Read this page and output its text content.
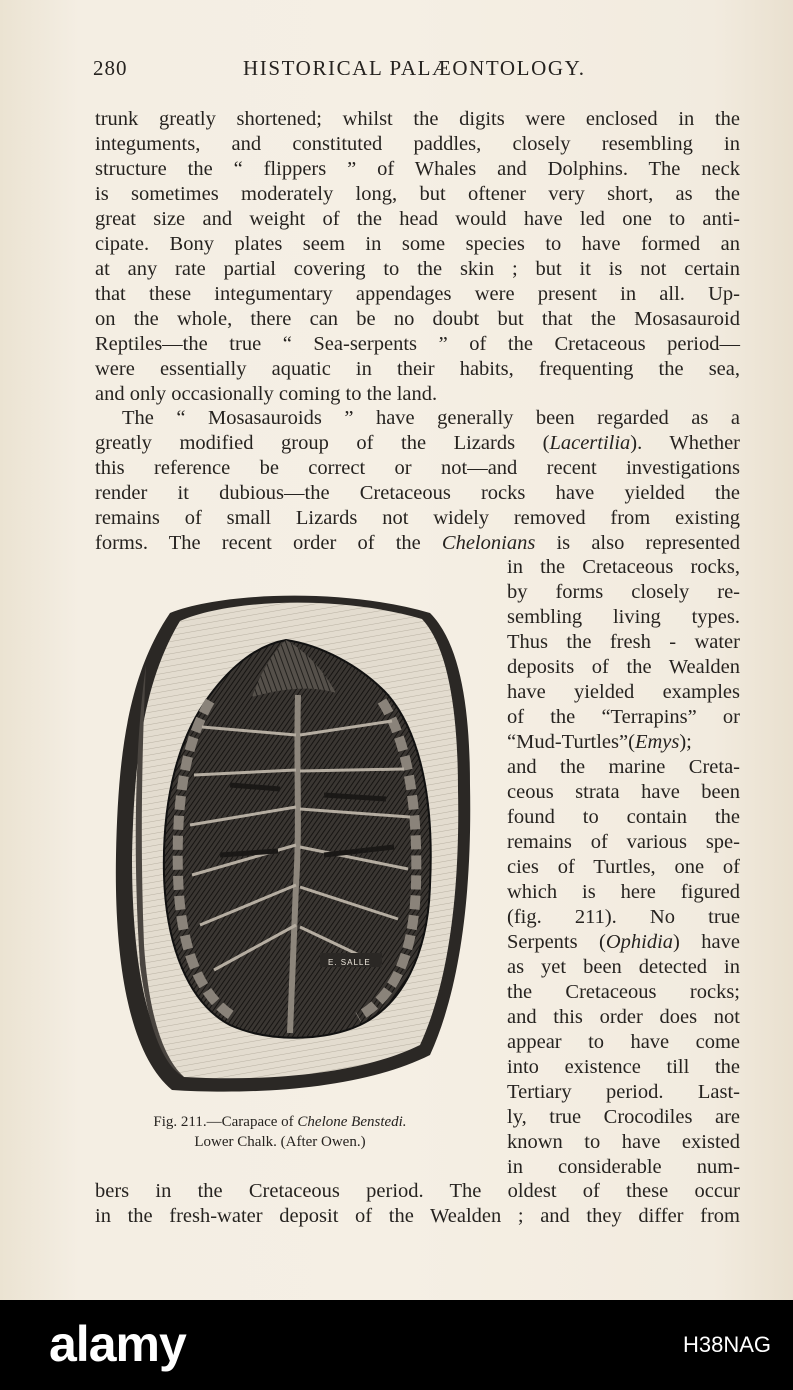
280	HISTORICAL PALÆONTOLOGY.
trunk greatly shortened; whilst the digits were enclosed in the
integuments, and constituted paddles, closely resembling in
structure the “ flippers ” of Whales and Dolphins. The neck
is sometimes moderately long, but oftener very short, as the
great size and weight of the head would have led one to anti-
cipate. Bony plates seem in some species to have formed an
at any rate partial covering to the skin ; but it is not certain
that these integumentary appendages were present in all. Up-
on the whole, there can be no doubt but that the Mosasauroid
Reptiles—the true “ Sea-serpents ” of the Cretaceous period—
were essentially aquatic in their habits, frequenting the sea,
and only occasionally coming to the land.
The “ Mosasauroids ” have generally been regarded as a
greatly modified group of the Lizards (Lacertilia). Whether
this reference be correct or not—and recent investigations
render it dubious—the Cretaceous rocks have yielded the
remains of small Lizards not widely removed from existing
forms. The recent order of the Chelonians is also represented
in the Cretaceous rocks,
by forms closely re-
sembling living types.
Thus the fresh - water
deposits of the Wealden
have yielded examples
of the “Terrapins” or
“Mud-Turtles”(Emys);
and the marine Creta-
ceous strata have been
found to contain the
remains of various spe-
cies of Turtles, one of
which is here figured
(fig. 211). No true
Serpents (Ophidia) have
as yet been detected in
the Cretaceous rocks;
and this order does not
appear to have come
into existence till the
Tertiary period. Last-
ly, true Crocodiles are
known to have existed
in considerable num-
bers in the Cretaceous period. The oldest of these occur
in the fresh-water deposit of the Wealden ; and they differ from
E. SALLE
Fig. 211.—Carapace of Chelone Benstedi.
Lower Chalk. (After Owen.)
alamy	H38NAG
